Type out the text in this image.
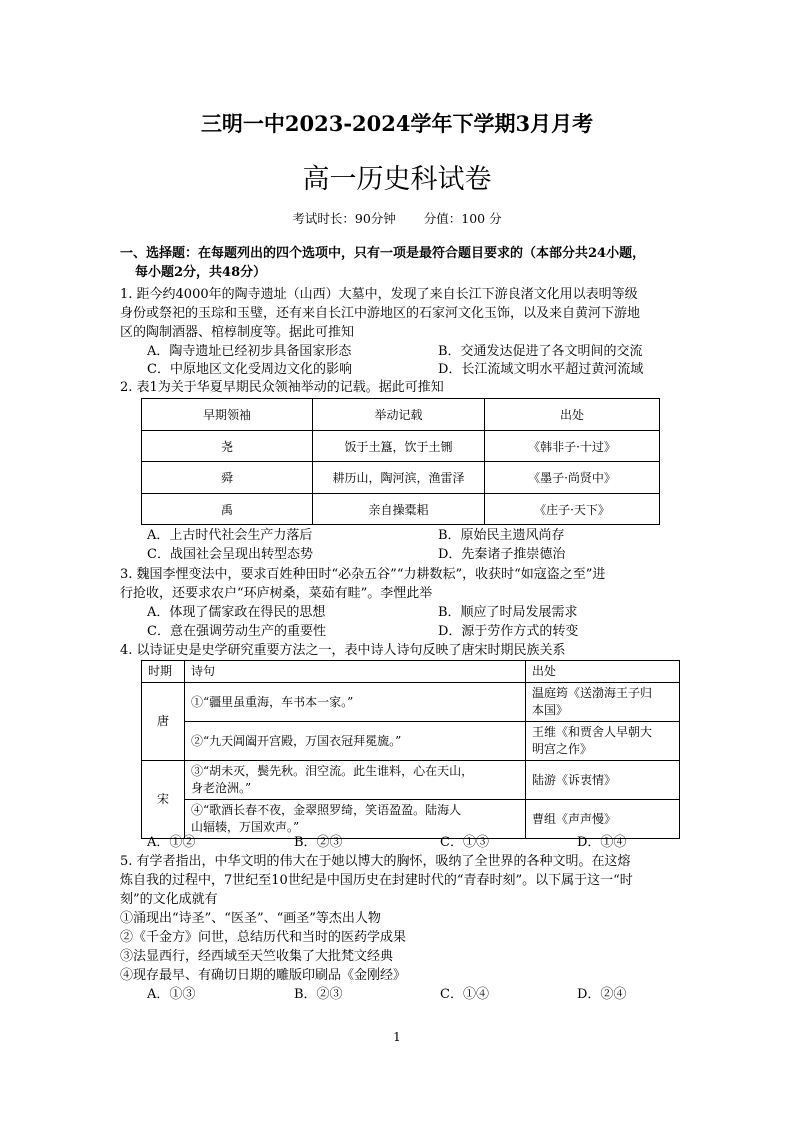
三明一中2023-2024学年下学期3月月考
高一历史科试卷
考试时长：90分钟 分值：100 分
一、选择题：在每题列出的四个选项中，只有一项是最符合题目要求的（本部分共24小题，
每小题2分，共48分）
1. 距今约4000年的陶寺遗址（山西）大墓中，发现了来自长江下游良渚文化用以表明等级
身份或祭祀的玉琮和玉璧，还有来自长江中游地区的石家河文化玉饰，以及来自黄河下游地
区的陶制酒器、棺椁制度等。据此可推知
A．陶寺遗址已经初步具备国家形态	B．交通发达促进了各文明间的交流
C．中原地区文化受周边文化的影响	D．长江流域文明水平超过黄河流域
2. 表1为关于华夏早期民众领袖举动的记载。据此可推知
早期领袖	举动记载	出处
尧	饭于土簋，饮于土铏	《韩非子·十过》
舜	耕历山，陶河滨，渔雷泽	《墨子·尚贤中》
禹	亲自操橐耜	《庄子·天下》
A．上古时代社会生产力落后	B．原始民主遗风尚存
C．战国社会呈现出转型态势	D．先秦诸子推崇德治
3. 魏国李悝变法中，要求百姓种田时“必杂五谷”“力耕数耘”，收获时“如寇盗之至”进
行抢收，还要求农户“环庐树桑，菜茹有畦”。李悝此举
A．体现了儒家政在得民的思想	B．顺应了时局发展需求
C．意在强调劳动生产的重要性	D．源于劳作方式的转变
4. 以诗证史是史学研究重要方法之一，表中诗人诗句反映了唐宋时期民族关系
时期	诗句	出处
唐	①“疆里虽重海，车书本一家。”	温庭筠《送渤海王子归
本国》

	②“九天阊阖开宫殿，万国衣冠拜冕旒。”	王维《和贾舍人早朝大
明宫之作》

宋	③“胡未灭，鬓先秋。泪空流。此生谁料，心在天山，
身老沧洲。”	陆游《诉衷情》

	④“歌酒长春不夜，金翠照罗绮，笑语盈盈。陆海人
山辐辏，万国欢声。”	曹组《声声慢》
A．①②	B．②③	C．①③	D．①④
5. 有学者指出，中华文明的伟大在于她以博大的胸怀，吸纳了全世界的各种文明。在这熔
炼自我的过程中，7世纪至10世纪是中国历史在封建时代的“青春时刻”。以下属于这一“时
刻”的文化成就有
①涌现出“诗圣”、“医圣”、“画圣”等杰出人物
②《千金方》问世，总结历代和当时的医药学成果
③法显西行，经西域至天竺收集了大批梵文经典
④现存最早、有确切日期的雕版印刷品《金刚经》
A．①③	B．②③	C．①④	D．②④
1
